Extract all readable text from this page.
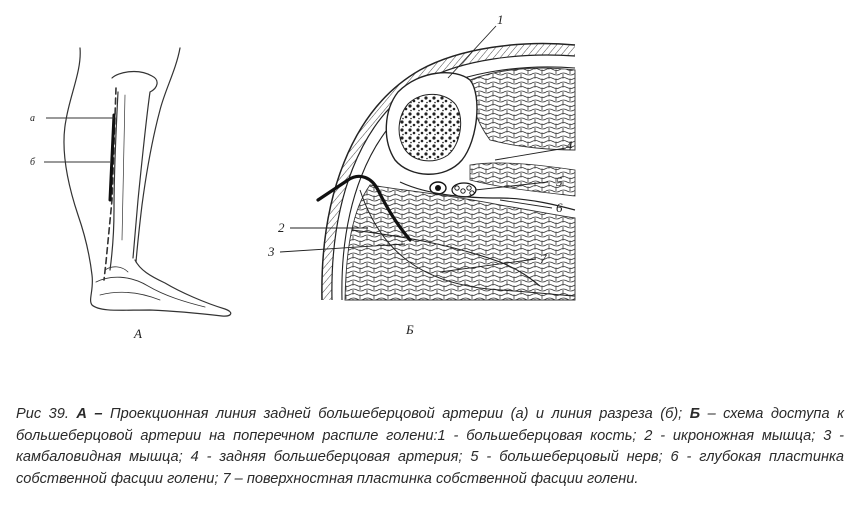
а
б
А
1
2
3
4
5
6
7
Б

Рис 39. А – Проекционная линия задней большеберцовой артерии (а) и линия разреза (б); Б – схема доступа к большеберцовой артерии на поперечном распиле голени:1 - большеберцовая кость; 2 - икроножная мышца; 3 - камбаловидная мышца; 4 - задняя большеберцовая артерия; 5 - большеберцовый нерв; 6 - глубокая пластинка собственной фасции голени; 7 – поверхностная пластинка собственной фасции голени.
